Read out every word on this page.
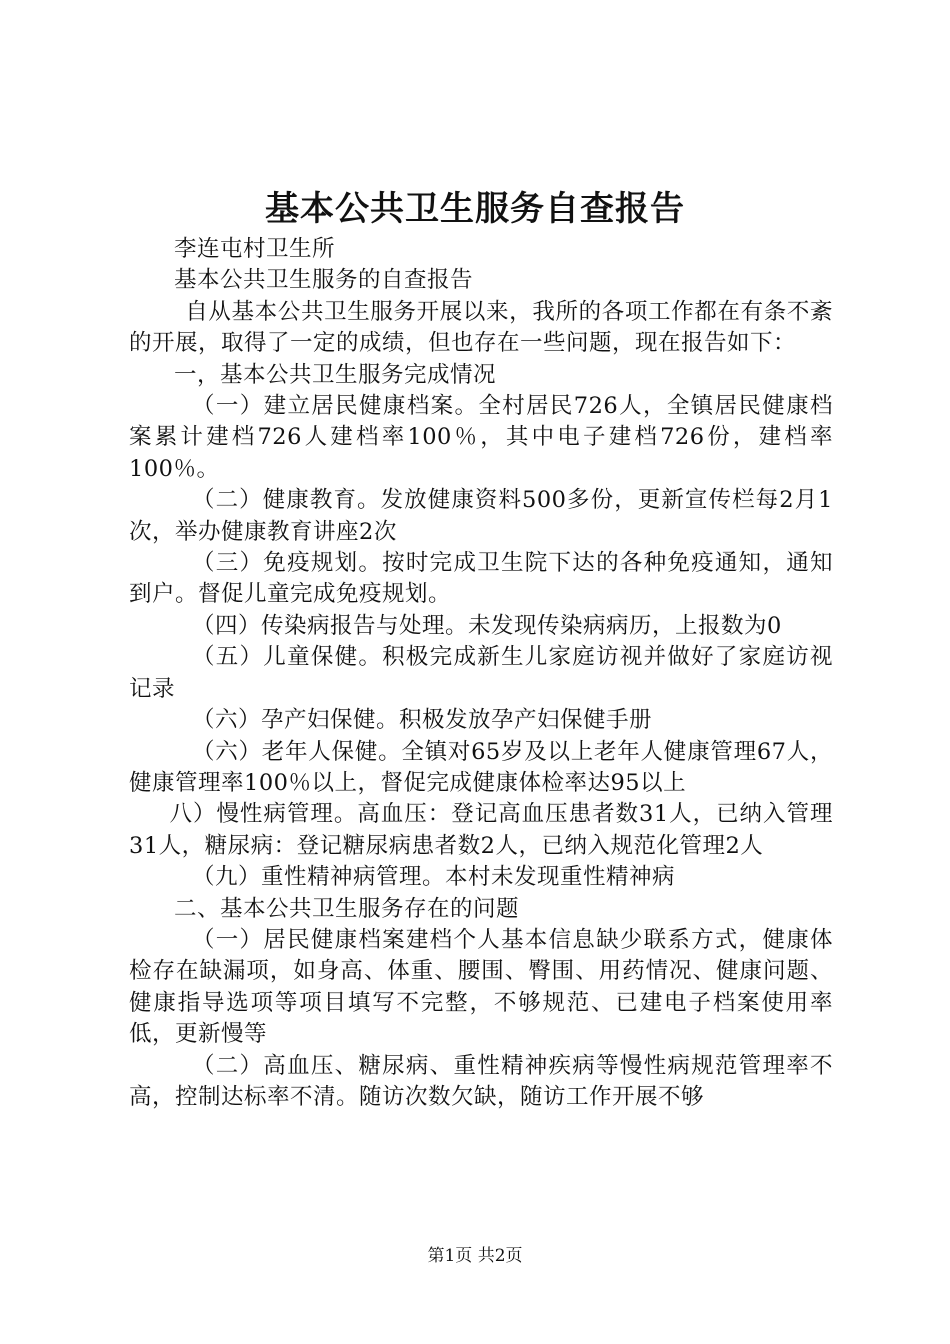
基本公共卫生服务自查报告

李连屯村卫生所

基本公共卫生服务的自查报告

自从基本公共卫生服务开展以来，我所的各项工作都在有条不紊的开展，取得了一定的成绩，但也存在一些问题，现在报告如下：

一，基本公共卫生服务完成情况

（一）建立居民健康档案。全村居民726人，全镇居民健康档案累计建档726人建档率100％，其中电子建档726份，建档率100％。

（二）健康教育。发放健康资料500多份，更新宣传栏每2月1次，举办健康教育讲座2次

（三）免疫规划。按时完成卫生院下达的各种免疫通知，通知到户。督促儿童完成免疫规划。

（四）传染病报告与处理。未发现传染病病历，上报数为0

（五）儿童保健。积极完成新生儿家庭访视并做好了家庭访视记录

（六）孕产妇保健。积极发放孕产妇保健手册

（六）老年人保健。全镇对65岁及以上老年人健康管理67人，健康管理率100％以上，督促完成健康体检率达95以上

八）慢性病管理。高血压：登记高血压患者数31人，已纳入管理31人，糖尿病：登记糖尿病患者数2人，已纳入规范化管理2人

（九）重性精神病管理。本村未发现重性精神病

二、基本公共卫生服务存在的问题

（一）居民健康档案建档个人基本信息缺少联系方式，健康体检存在缺漏项，如身高、体重、腰围、臀围、用药情况、健康问题、健康指导选项等项目填写不完整，不够规范、已建电子档案使用率低，更新慢等

（二）高血压、糖尿病、重性精神疾病等慢性病规范管理率不高，控制达标率不清。随访次数欠缺，随访工作开展不够

第1页 共2页
